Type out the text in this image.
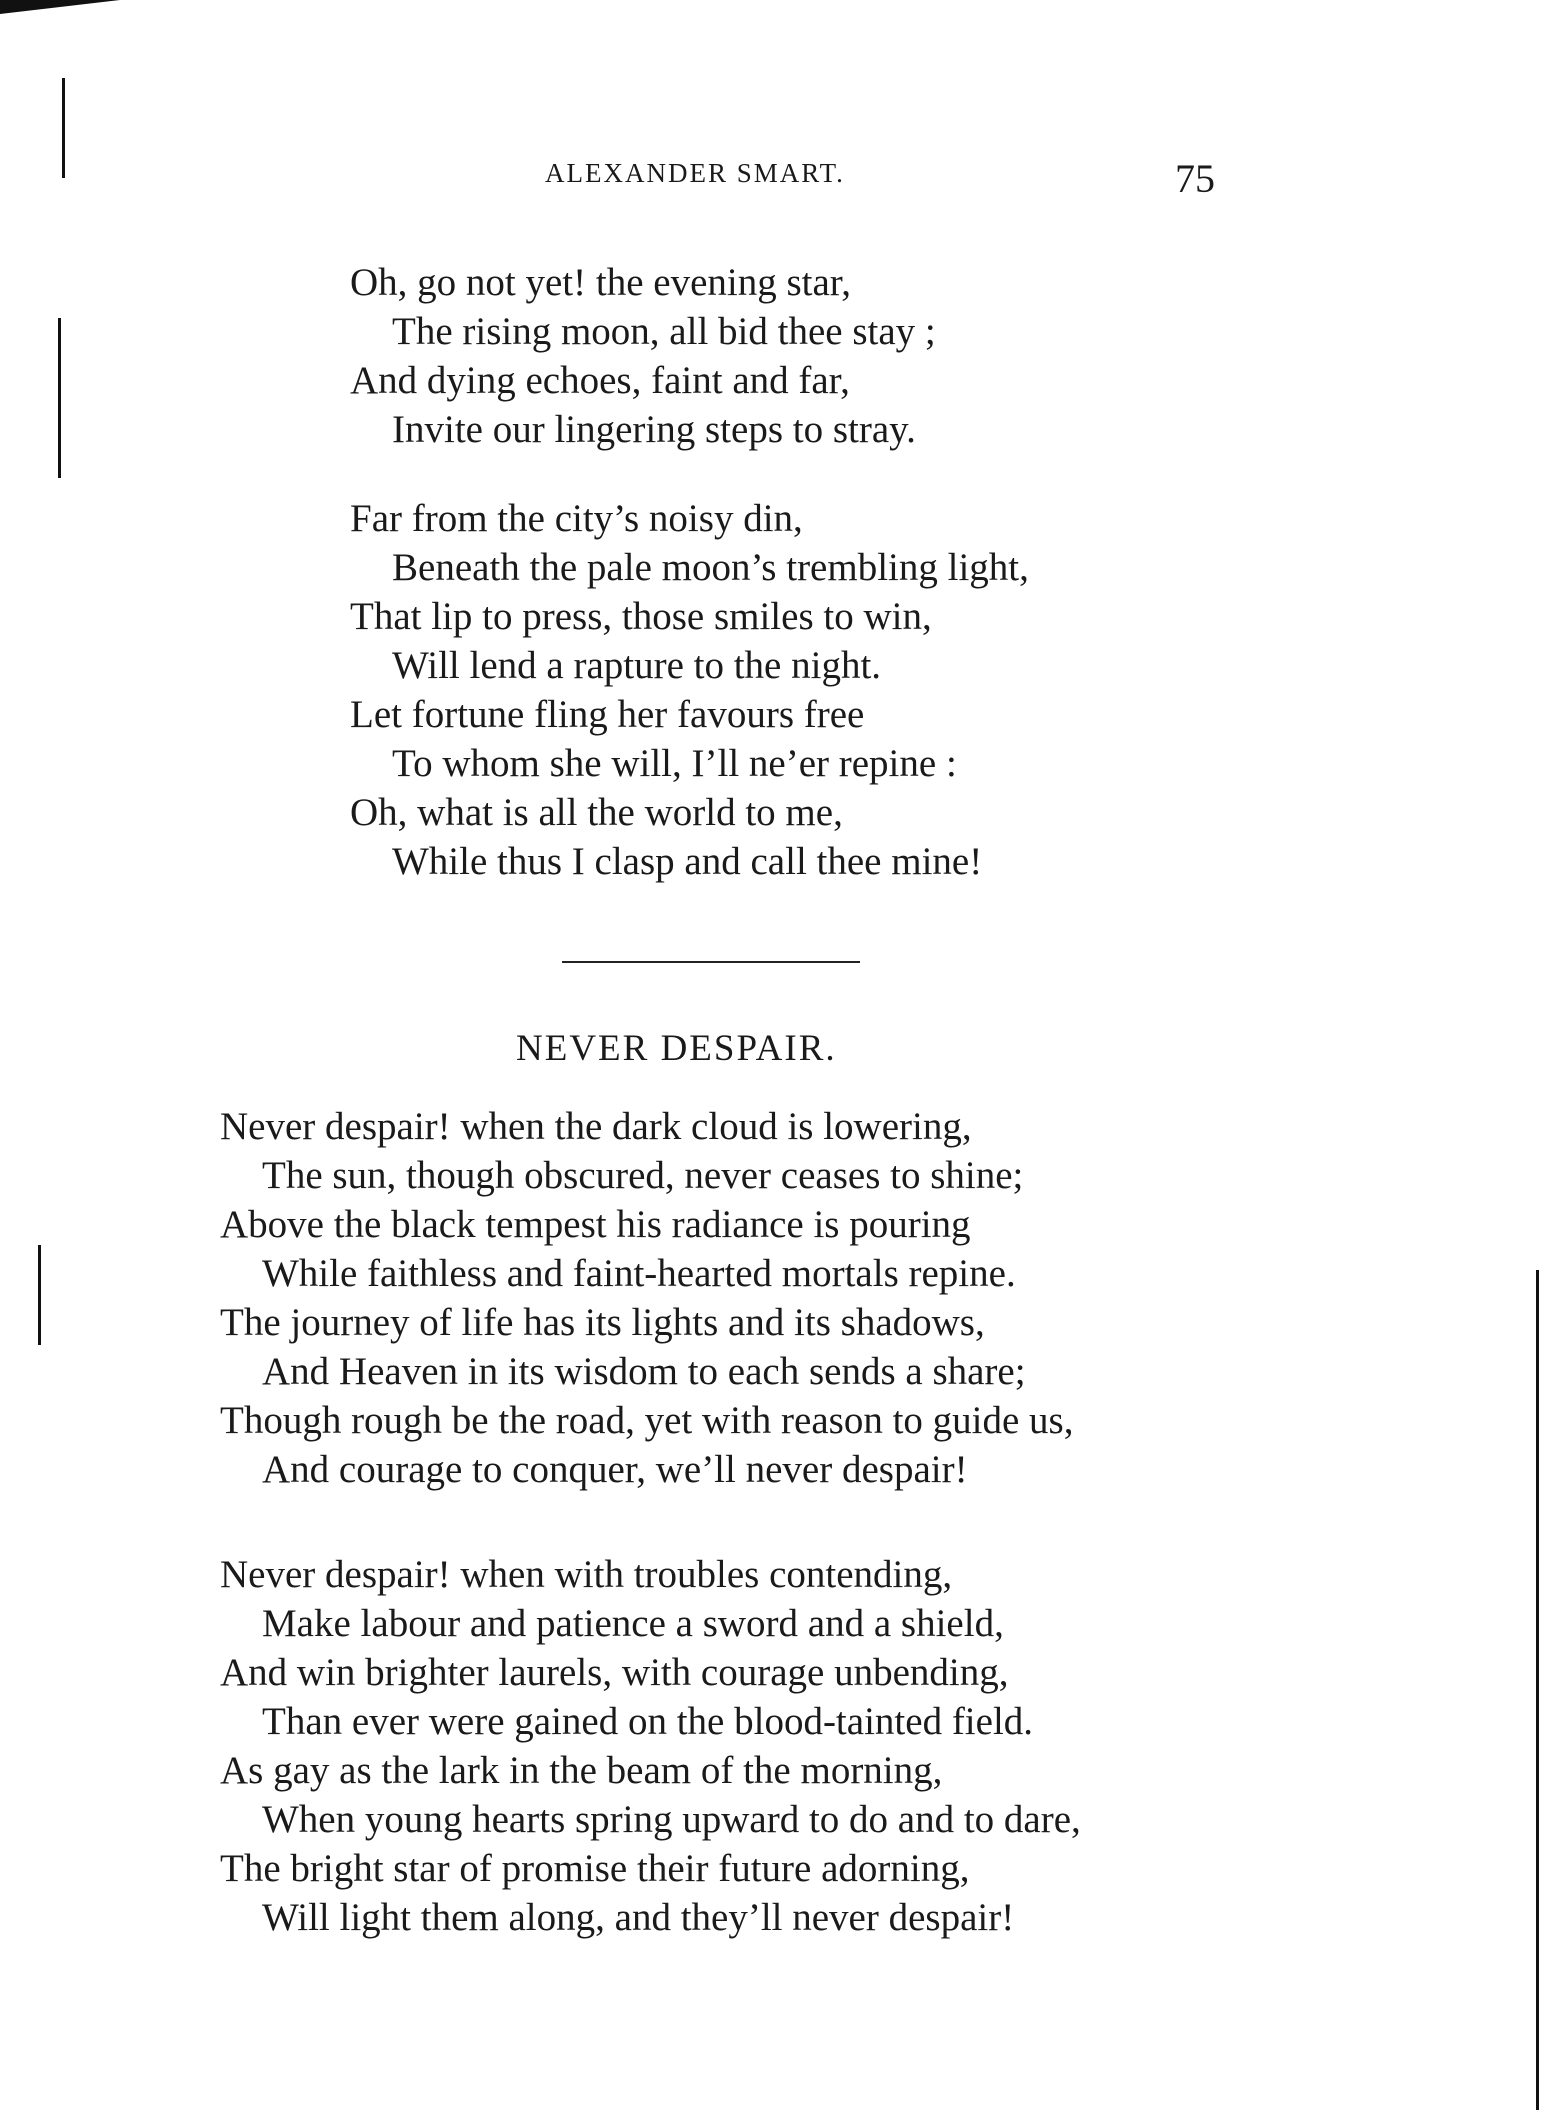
ALEXANDER SMART.	75
Oh, go not yet! the evening star,
The rising moon, all bid thee stay ;
And dying echoes, faint and far,
Invite our lingering steps to stray.
Far from the city’s noisy din,
Beneath the pale moon’s trembling light,
That lip to press, those smiles to win,
Will lend a rapture to the night.
Let fortune fling her favours free
To whom she will, I’ll ne’er repine :
Oh, what is all the world to me,
While thus I clasp and call thee mine!
NEVER DESPAIR.
Never despair! when the dark cloud is lowering,
The sun, though obscured, never ceases to shine;
Above the black tempest his radiance is pouring
While faithless and faint-hearted mortals repine.
The journey of life has its lights and its shadows,
And Heaven in its wisdom to each sends a share;
Though rough be the road, yet with reason to guide us,
And courage to conquer, we’ll never despair!
Never despair! when with troubles contending,
Make labour and patience a sword and a shield,
And win brighter laurels, with courage unbending,
Than ever were gained on the blood-tainted field.
As gay as the lark in the beam of the morning,
When young hearts spring upward to do and to dare,
The bright star of promise their future adorning,
Will light them along, and they’ll never despair!
